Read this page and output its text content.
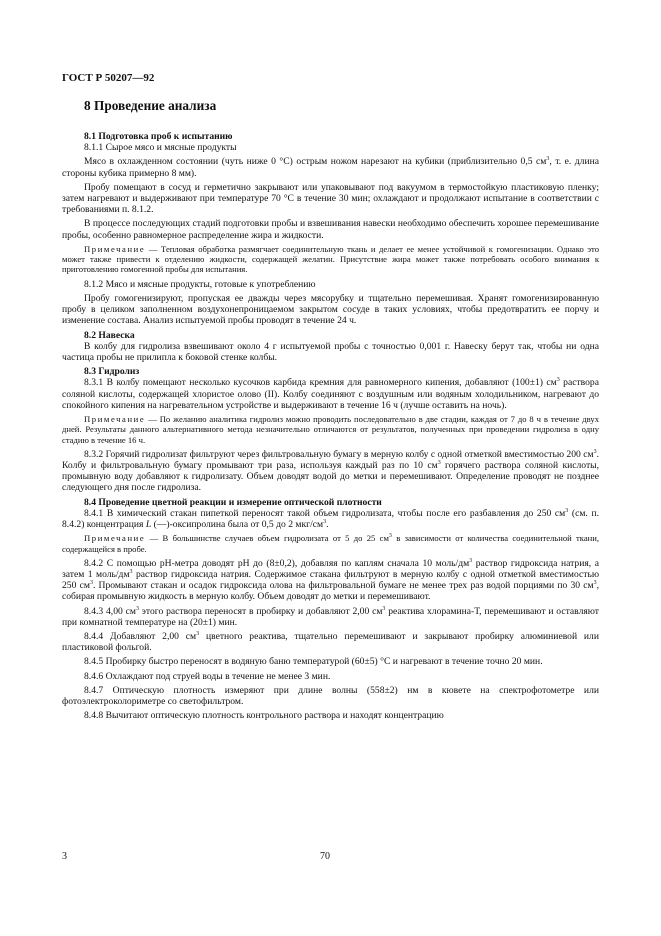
ГОСТ Р 50207—92
8 Проведение анализа

8.1 Подготовка проб к испытанию

8.1.1 Сырое мясо и мясные продукты

Мясо в охлажденном состоянии (чуть ниже 0 °С) острым ножом нарезают на кубики (приблизительно 0,5 $см^3$, т. е. длина стороны кубика примерно 8 мм).

Пробу помещают в сосуд и герметично закрывают или упаковывают под вакуумом в термостойкую пластиковую пленку; затем нагревают и выдерживают при температуре 70 °С в течение 30 мин; охлаждают и продолжают испытание в соответствии с требованиями п. 8.1.2.

В процессе последующих стадий подготовки пробы и взвешивания навески необходимо обеспечить хорошее перемешивание пробы, особенно равномерное распределение жира и жидкости.

Примечание — Тепловая обработка размягчает соединительную ткань и делает ее менее устойчивой к гомогенизации. Однако это может также привести к отделению жидкости, содержащей желатин. Присутствие жира может также потребовать особого внимания к приготовлению гомогенной пробы для испытания.

8.1.2 Мясо и мясные продукты, готовые к употреблению

Пробу гомогенизируют, пропуская ее дважды через мясорубку и тщательно перемешивая. Хранят гомогенизированную пробу в целиком заполненном воздухонепроницаемом закрытом сосуде в таких условиях, чтобы предотвратить ее порчу и изменение состава. Анализ испытуемой пробы проводят в течение 24 ч.

8.2 Навеска

В колбу для гидролиза взвешивают около 4 г испытуемой пробы с точностью 0,001 г. Навеску берут так, чтобы ни одна частица пробы не прилипла к боковой стенке колбы.

8.3 Гидролиз

8.3.1 В колбу помещают несколько кусочков карбида кремния для равномерного кипения, добавляют (100±1) $см^3$ раствора соляной кислоты, содержащей хлористое олово (II). Колбу соединяют с воздушным или водяным холодильником, нагревают до спокойного кипения на нагревательном устройстве и выдерживают в течение 16 ч (лучше оставить на ночь).

Примечание — По желанию аналитика гидролиз можно проводить последовательно в две стадии, каждая от 7 до 8 ч в течение двух дней. Результаты данного альтернативного метода незначительно отличаются от результатов, полученных при проведении гидролиза в одну стадию в течение 16 ч.

8.3.2 Горячий гидролизат фильтруют через фильтровальную бумагу в мерную колбу с одной отметкой вместимостью 200 $см^3$. Колбу и фильтровальную бумагу промывают три раза, используя каждый раз по 10 $см^3$ горячего раствора соляной кислоты, промывную воду добавляют к гидролизату. Объем доводят водой до метки и перемешивают. Определение проводят не позднее следующего дня после гидролиза.

8.4 Проведение цветной реакции и измерение оптической плотности

8.4.1 В химический стакан пипеткой переносят такой объем гидролизата, чтобы после его разбавления до 250 $см^3$ (см. п. 8.4.2) концентрация L (—)-оксипролина была от 0,5 до 2 мкг/$см^3$.

Примечание — В большинстве случаев объем гидролизата от 5 до 25 $см^3$ в зависимости от количества соединительной ткани, содержащейся в пробе.

8.4.2 С помощью рН-метра доводят рН до (8±0,2), добавляя по каплям сначала 10 моль/$дм^3$ раствор гидроксида натрия, а затем 1 моль/$дм^3$ раствор гидроксида натрия. Содержимое стакана фильтруют в мерную колбу с одной отметкой вместимостью 250 $см^3$. Промывают стакан и осадок гидроксида олова на фильтровальной бумаге не менее трех раз водой порциями по 30 $см^3$, собирая промывную жидкость в мерную колбу. Объем доводят до метки и перемешивают.

8.4.3 4,00 $см^3$ этого раствора переносят в пробирку и добавляют 2,00 $см^3$ реактива хлорамина-Т, перемешивают и оставляют при комнатной температуре на (20±1) мин.

8.4.4 Добавляют 2,00 $см^3$ цветного реактива, тщательно перемешивают и закрывают пробирку алюминиевой или пластиковой фольгой.

8.4.5 Пробирку быстро переносят в водяную баню температурой (60±5) °С и нагревают в течение точно 20 мин.

8.4.6 Охлаждают под струей воды в течение не менее 3 мин.

8.4.7 Оптическую плотность измеряют при длине волны (558±2) нм в кювете на спектрофотометре или фотоэлектроколориметре со светофильтром.

8.4.8 Вычитают оптическую плотность контрольного раствора и находят концентрацию

3	70
